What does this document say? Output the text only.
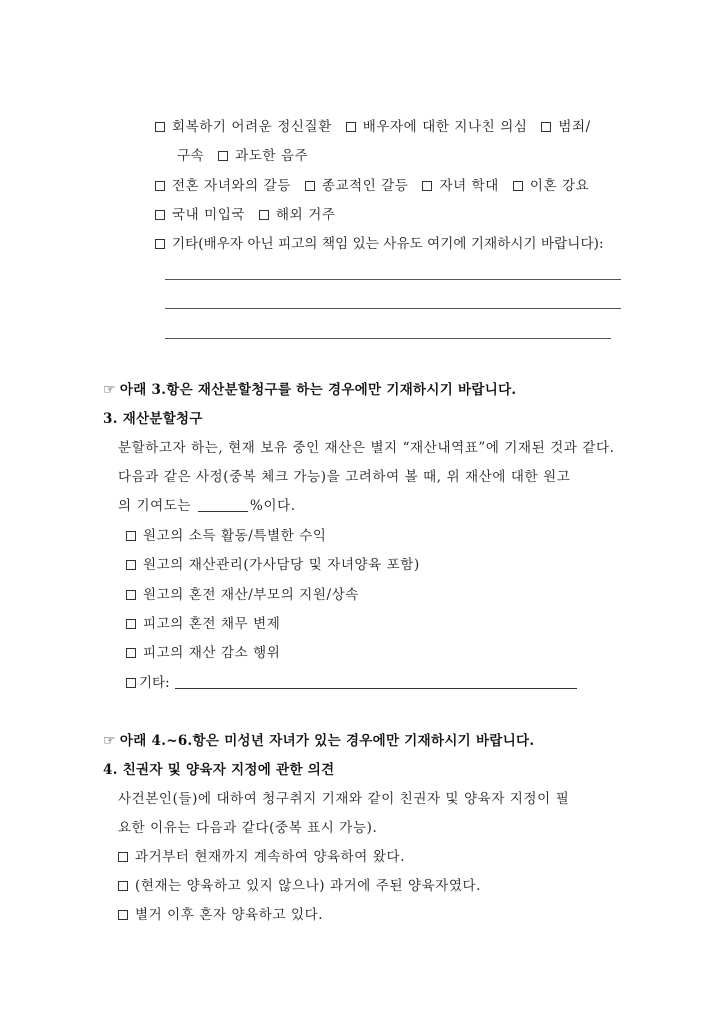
회복하기 어려운 정신질환 배우자에 대한 지나친 의심 범죄/
구속 과도한 음주
전혼 자녀와의 갈등 종교적인 갈등 자녀 학대 이혼 강요
국내 미입국 해외 거주
기타(배우자 아닌 피고의 책임 있는 사유도 여기에 기재하시기 바랍니다):
☞ 아래 3.항은 재산분할청구를 하는 경우에만 기재하시기 바랍니다.
3. 재산분할청구
분할하고자 하는, 현재 보유 중인 재산은 별지 “재산내역표”에 기재된 것과 같다.
다음과 같은 사정(중복 체크 가능)을 고려하여 볼 때, 위 재산에 대한 원고
의 기여도는	%이다.
원고의 소득 활동/특별한 수익
원고의 재산관리(가사담당 및 자녀양육 포함)
원고의 혼전 재산/부모의 지원/상속
피고의 혼전 채무 변제
피고의 재산 감소 행위
기타:
☞ 아래 4.~6.항은 미성년 자녀가 있는 경우에만 기재하시기 바랍니다.
4. 친권자 및 양육자 지정에 관한 의견
사건본인(들)에 대하여 청구취지 기재와 같이 친권자 및 양육자 지정이 필
요한 이유는 다음과 같다(중복 표시 가능).
과거부터 현재까지 계속하여 양육하여 왔다.
(현재는 양육하고 있지 않으나) 과거에 주된 양육자였다.
별거 이후 혼자 양육하고 있다.
